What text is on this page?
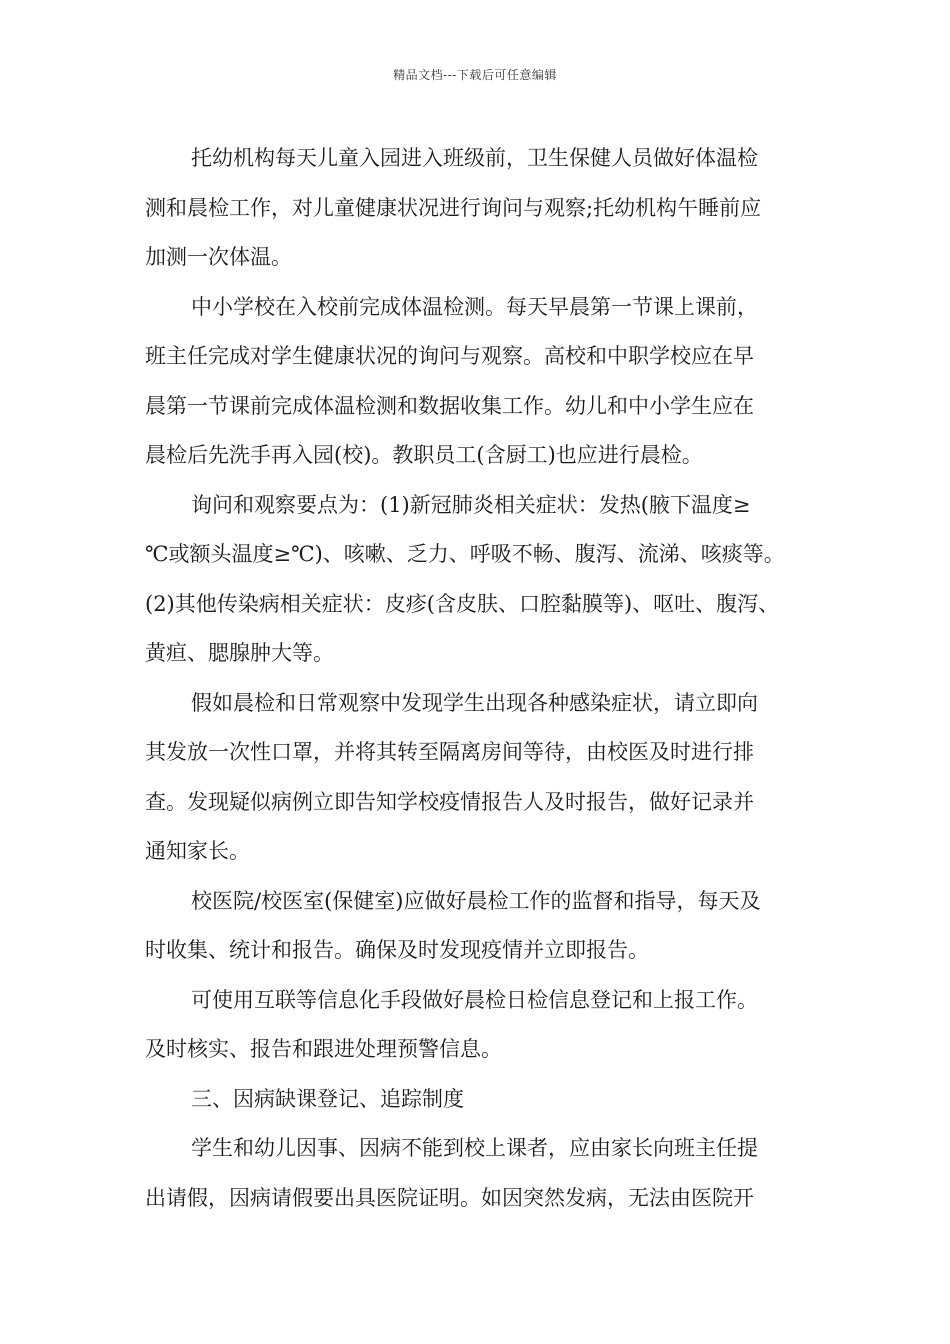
精品文档---下载后可任意编辑
托幼机构每天儿童入园进入班级前，卫生保健人员做好体温检
测和晨检工作，对儿童健康状况进行询问与观察;托幼机构午睡前应
加测一次体温。
中小学校在入校前完成体温检测。每天早晨第一节课上课前，
班主任完成对学生健康状况的询问与观察。高校和中职学校应在早
晨第一节课前完成体温检测和数据收集工作。幼儿和中小学生应在
晨检后先洗手再入园(校)。教职员工(含厨工)也应进行晨检。
询问和观察要点为：(1)新冠肺炎相关症状：发热(腋下温度≥
℃或额头温度≥℃)、咳嗽、乏力、呼吸不畅、腹泻、流涕、咳痰等。
(2)其他传染病相关症状：皮疹(含皮肤、口腔黏膜等)、呕吐、腹泻、
黄疸、腮腺肿大等。
假如晨检和日常观察中发现学生出现各种感染症状，请立即向
其发放一次性口罩，并将其转至隔离房间等待，由校医及时进行排
查。发现疑似病例立即告知学校疫情报告人及时报告，做好记录并
通知家长。
校医院/校医室(保健室)应做好晨检工作的监督和指导，每天及
时收集、统计和报告。确保及时发现疫情并立即报告。
可使用互联等信息化手段做好晨检日检信息登记和上报工作。
及时核实、报告和跟进处理预警信息。
三、因病缺课登记、追踪制度
学生和幼儿因事、因病不能到校上课者，应由家长向班主任提
出请假，因病请假要出具医院证明。如因突然发病，无法由医院开
